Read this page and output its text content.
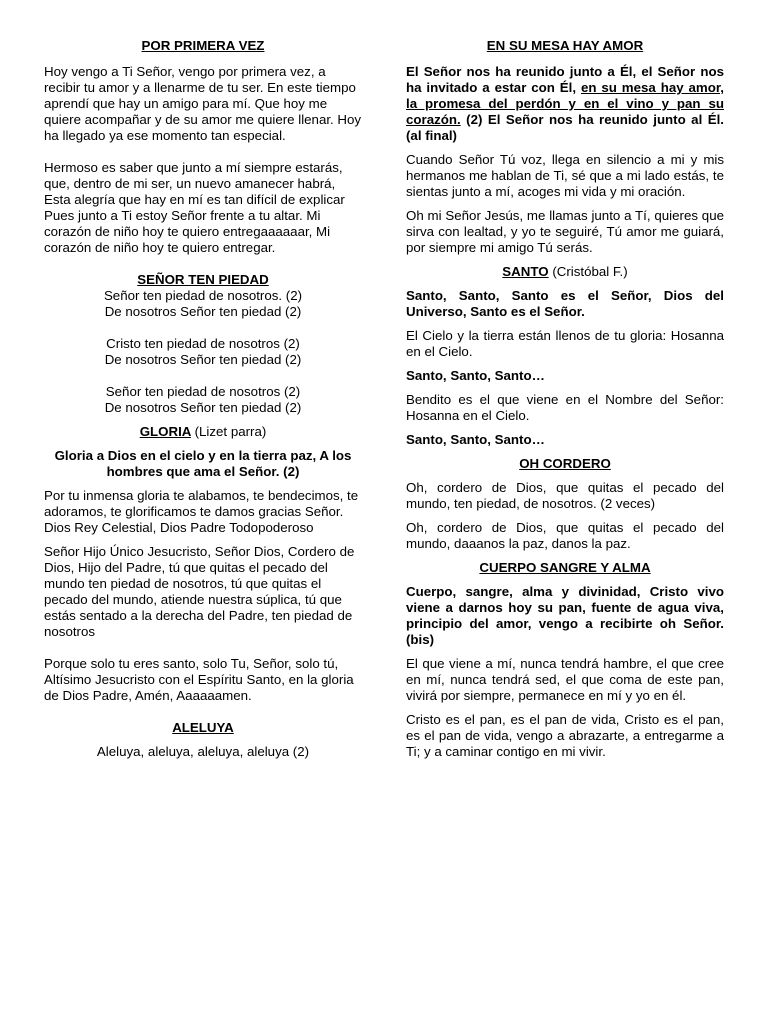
POR PRIMERA VEZ

Hoy vengo a Ti Señor, vengo por primera vez, a recibir tu amor y a llenarme de tu ser. En este tiempo aprendí que hay un amigo para mí. Que hoy me quiere acompañar y de su amor me quiere llenar. Hoy ha llegado ya ese momento tan especial.

Hermoso es saber que junto a mí siempre estarás, que, dentro de mi ser, un nuevo amanecer habrá, Esta alegría que hay en mí es tan difícil de explicar Pues junto a Ti estoy Señor frente a tu altar. Mi corazón de niño hoy te quiero entregaaaaaar, Mi corazón de niño hoy te quiero entregar.

SEÑOR TEN PIEDAD

Señor ten piedad de nosotros. (2)

De nosotros Señor ten piedad (2)

Cristo ten piedad de nosotros (2)

De nosotros Señor ten piedad (2)

Señor ten piedad de nosotros (2)

De nosotros Señor ten piedad (2)

GLORIA (Lizet parra)

Gloria a Dios en el cielo y en la tierra paz, A los hombres que ama el Señor. (2)

Por tu inmensa gloria te alabamos, te bendecimos, te adoramos, te glorificamos te damos gracias Señor. Dios Rey Celestial, Dios Padre Todopoderoso

Señor Hijo Único Jesucristo, Señor Dios, Cordero de Dios, Hijo del Padre, tú que quitas el pecado del mundo ten piedad de nosotros, tú que quitas el pecado del mundo, atiende nuestra súplica, tú que estás sentado a la derecha del Padre, ten piedad de nosotros

Porque solo tu eres santo, solo Tu, Señor, solo tú, Altísimo Jesucristo con el Espíritu Santo, en la gloria de Dios Padre, Amén, Aaaaaamen.

ALELUYA

Aleluya, aleluya, aleluya, aleluya (2)

EN SU MESA HAY AMOR

El Señor nos ha reunido junto a Él, el Señor nos ha invitado a estar con Él, en su mesa hay amor, la promesa del perdón y en el vino y pan su corazón. (2) El Señor nos ha reunido junto al Él. (al final)

Cuando Señor Tú voz, llega en silencio a mi y mis hermanos me hablan de Ti, sé que a mi lado estás, te sientas junto a mí, acoges mi vida y mi oración.

Oh mi Señor Jesús, me llamas junto a Tí, quieres que sirva con lealtad, y yo te seguiré, Tú amor me guiará, por siempre mi amigo Tú serás.

SANTO (Cristóbal F.)

Santo, Santo, Santo es el Señor, Dios del Universo, Santo es el Señor.

El Cielo y la tierra están llenos de tu gloria: Hosanna en el Cielo.

Santo, Santo, Santo…

Bendito es el que viene en el Nombre del Señor: Hosanna en el Cielo.

Santo, Santo, Santo…

OH CORDERO

Oh, cordero de Dios, que quitas el pecado del mundo, ten piedad, de nosotros. (2 veces)

Oh, cordero de Dios, que quitas el pecado del mundo, daaanos la paz, danos la paz.

CUERPO SANGRE Y ALMA

Cuerpo, sangre, alma y divinidad, Cristo vivo viene a darnos hoy su pan, fuente de agua viva, principio del amor, vengo a recibirte oh Señor. (bis)

El que viene a mí, nunca tendrá hambre, el que cree en mí, nunca tendrá sed, el que coma de este pan, vivirá por siempre, permanece en mí y yo en él.

Cristo es el pan, es el pan de vida, Cristo es el pan, es el pan de vida, vengo a abrazarte, a entregarme a Ti; y a caminar contigo en mi vivir.
